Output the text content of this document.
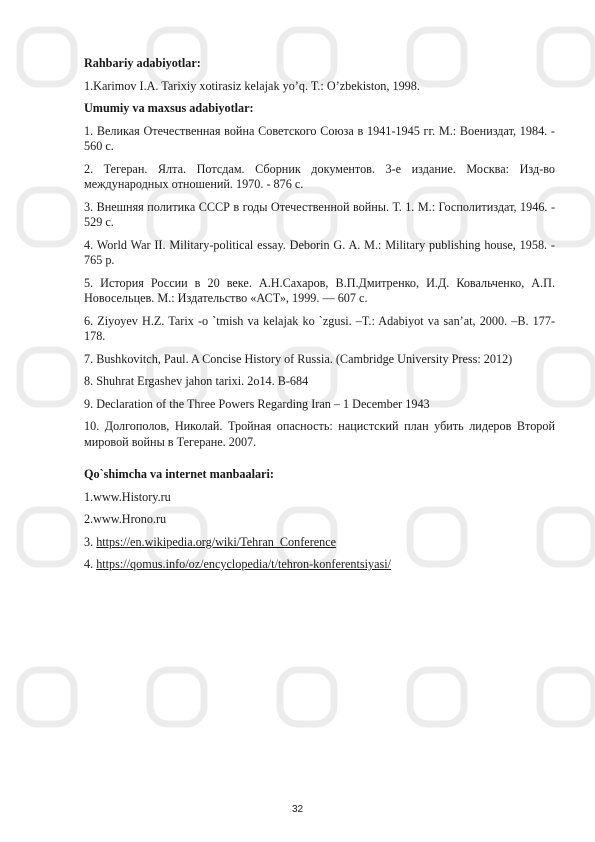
Rahbariy adabiyotlar:
1.Karimov I.A. Tarixiy xotirasiz kelajak yoʼq. T.: Oʼzbekiston, 1998.
Umumiy va maxsus adabiyotlar:
1. Великая Отечественная война Советского Союза в 1941-1945 гг. М.: Воениздат, 1984. - 560 с.
2. Тегеран. Ялта. Потсдам. Сборник документов. 3-е издание. Москва: Изд-во международных отношений. 1970. - 876 с.
3. Внешняя политика СССР в годы Отечественной войны. Т. 1. М.: Госполитиздат, 1946. - 529 с.
4. World War II. Military-political essay. Deborin G. A. M.: Military publishing house, 1958. - 765 p.
5. История России в 20 веке. А.Н.Сахаров, В.П.Дмитренко, И.Д. Ковальченко, А.П. Новосельцев. М.: Издательство «АСТ», 1999. — 607 с.
6. Ziyoyev H.Z. Tarix -o `tmish va kelajak ko `zgusi. –T.: Adabiyot va sanʼat, 2000. –B. 177-178.
7. Bushkovitch, Paul. A Concise History of Russia. (Cambridge University Press: 2012)
8. Shuhrat Ergashev jahon tarixi. 2o14. B-684
9. Declaration of the Three Powers Regarding Iran – 1 December 1943
10. Долгополов, Николай. Тройная опасность: нацистский план убить лидеров Второй мировой войны в Тегеране. 2007.
Qo`shimcha va internet manbaalari:
1.www.History.ru
2.www.Hrono.ru
3. https://en.wikipedia.org/wiki/Tehran_Conference
4. https://qomus.info/oz/encyclopedia/t/tehron-konferentsiyasi/
32
